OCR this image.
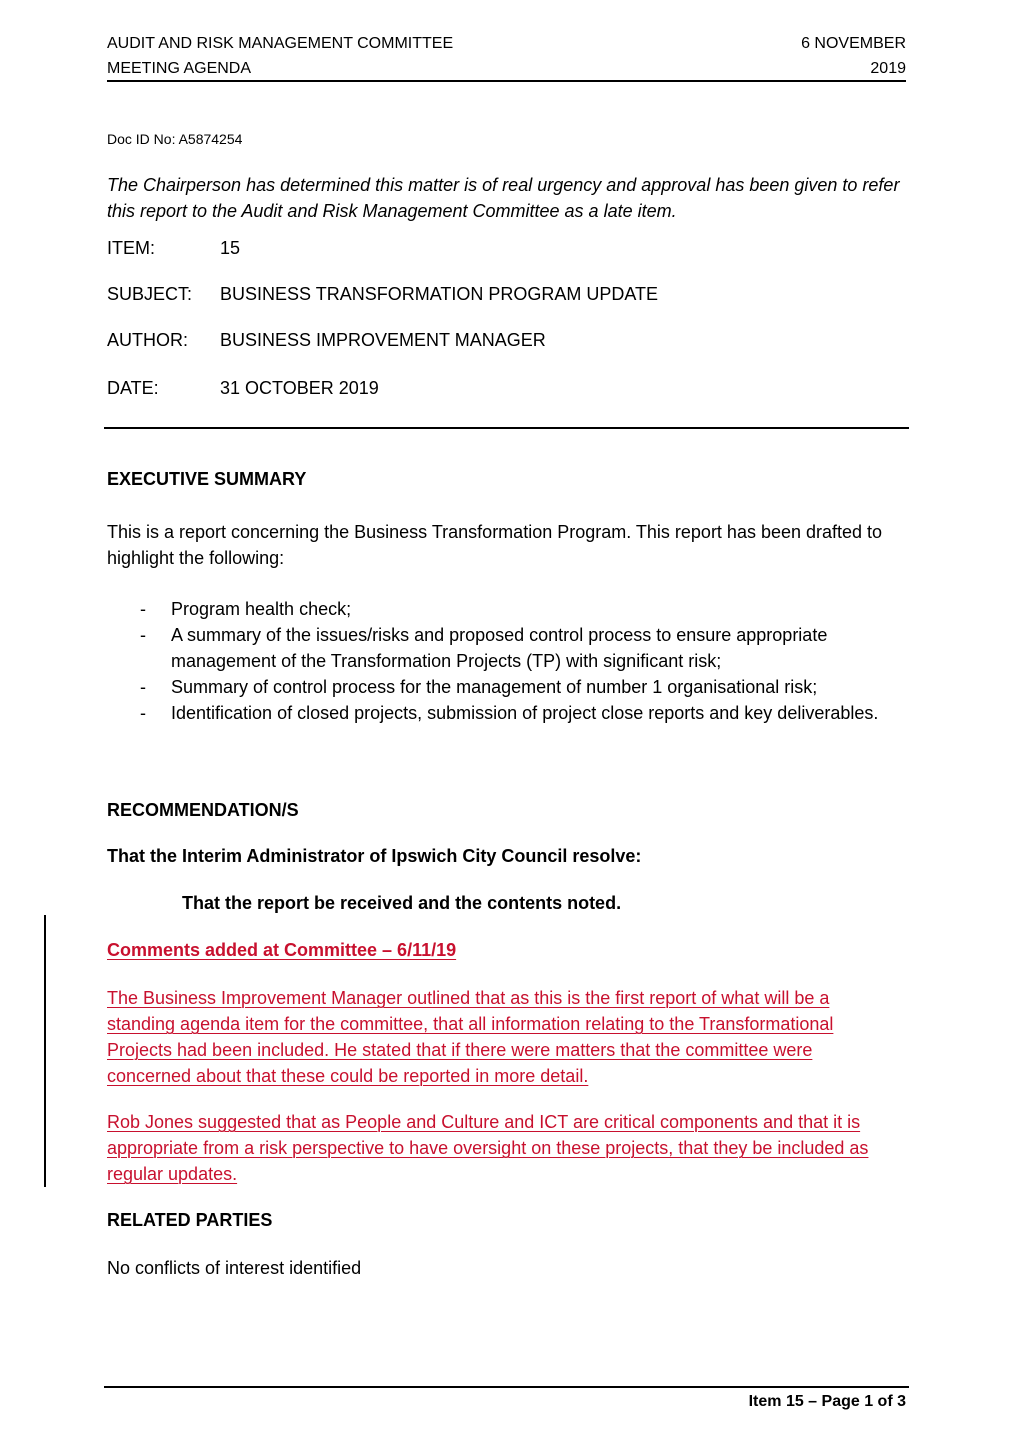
AUDIT AND RISK MANAGEMENT COMMITTEE
MEETING AGENDA
6 NOVEMBER
2019
Doc ID No: A5874254
The Chairperson has determined this matter is of real urgency and approval has been given to refer this report to the Audit and Risk Management Committee as a late item.
ITEM:	15
SUBJECT: BUSINESS TRANSFORMATION PROGRAM UPDATE
AUTHOR: BUSINESS IMPROVEMENT MANAGER
DATE:	31 OCTOBER 2019
EXECUTIVE SUMMARY
This is a report concerning the Business Transformation Program. This report has been drafted to highlight the following:
- Program health check;
- A summary of the issues/risks and proposed control process to ensure appropriate management of the Transformation Projects (TP) with significant risk;
- Summary of control process for the management of number 1 organisational risk;
- Identification of closed projects, submission of project close reports and key deliverables.
RECOMMENDATION/S
That the Interim Administrator of Ipswich City Council resolve:
That the report be received and the contents noted.
Comments added at Committee – 6/11/19
The Business Improvement Manager outlined that as this is the first report of what will be a standing agenda item for the committee, that all information relating to the Transformational Projects had been included. He stated that if there were matters that the committee were concerned about that these could be reported in more detail.
Rob Jones suggested that as People and Culture and ICT are critical components and that it is appropriate from a risk perspective to have oversight on these projects, that they be included as regular updates.
RELATED PARTIES
No conflicts of interest identified
Item 15 – Page 1 of 3
